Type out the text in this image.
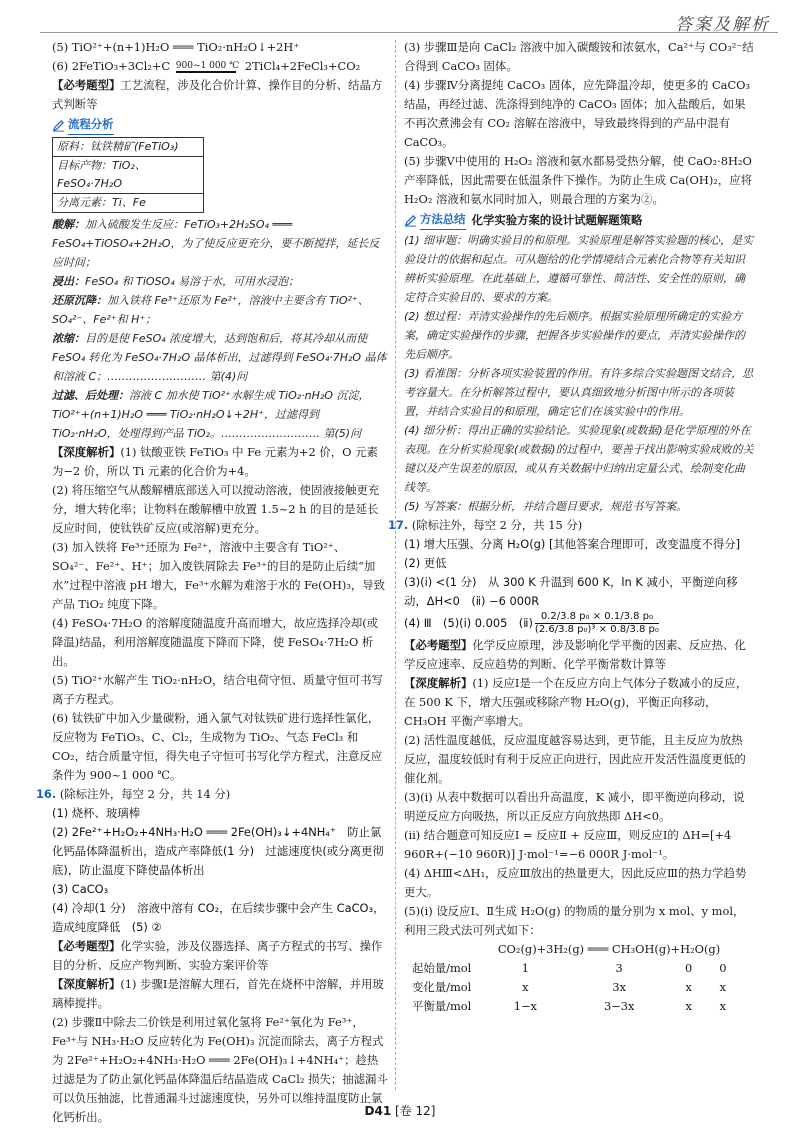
答案及解析

(5) TiO²⁺+(n+1)H₂O ═══ TiO₂·nH₂O↓+2H⁺

(6) 2FeTiO₃+3Cl₂+C 900~1 000 ℃ 2TiCl₄+2FeCl₃+CO₂

【必考题型】工艺流程，涉及化合价计算、操作目的分析、结晶方式判断等

流程分析
原料：钛铁精矿(FeTiO₃)
目标产物：TiO₂、FeSO₄·7H₂O
分离元素：Ti、Fe

酸解：加入硫酸发生反应：FeTiO₃+2H₂SO₄ ═══ FeSO₄+TiOSO₄+2H₂O，为了使反应更充分，要不断搅拌，延长反应时间；

浸出：FeSO₄ 和 TiOSO₄ 易溶于水，可用水浸泡；

还原沉降：加入铁将 Fe³⁺还原为 Fe²⁺，溶液中主要含有 TiO²⁺、SO₄²⁻、Fe²⁺和 H⁺；

浓缩：目的是使 FeSO₄ 浓度增大，达到饱和后，将其冷却从而使 FeSO₄ 转化为 FeSO₄·7H₂O 晶体析出，过滤得到 FeSO₄·7H₂O 晶体和溶液 C；……………………… 第(4)问

过滤、后处理：溶液 C 加水使 TiO²⁺水解生成 TiO₂·nH₂O 沉淀，TiO²⁺+(n+1)H₂O ═══ TiO₂·nH₂O↓+2H⁺，过滤得到 TiO₂·nH₂O，处理得到产品 TiO₂。……………………… 第(5)问

【深度解析】(1) 钛酸亚铁 FeTiO₃ 中 Fe 元素为+2 价，O 元素为−2 价，所以 Ti 元素的化合价为+4。

(2) 将压缩空气从酸解槽底部送入可以搅动溶液，使固液接触更充分，增大转化率；让物料在酸解槽中放置 1.5~2 h 的目的是延长反应时间，使钛铁矿反应(或溶解)更充分。

(3) 加入铁将 Fe³⁺还原为 Fe²⁺，溶液中主要含有 TiO²⁺、SO₄²⁻、Fe²⁺、H⁺；加入废铁屑除去 Fe³⁺的目的是防止后续“加水”过程中溶液 pH 增大，Fe³⁺水解为难溶于水的 Fe(OH)₃，导致产品 TiO₂ 纯度下降。

(4) FeSO₄·7H₂O 的溶解度随温度升高而增大，故应选择冷却(或降温)结晶，利用溶解度随温度下降而下降，使 FeSO₄·7H₂O 析出。

(5) TiO²⁺水解产生 TiO₂·nH₂O，结合电荷守恒、质量守恒可书写离子方程式。

(6) 钛铁矿中加入少量碳粉，通入氯气对钛铁矿进行选择性氯化，反应物为 FeTiO₃、C、Cl₂，生成物为 TiO₂、气态 FeCl₃ 和 CO₂，结合质量守恒，得失电子守恒可书写化学方程式，注意反应条件为 900~1 000 ℃。

16. (除标注外，每空 2 分，共 14 分)

(1) 烧杯、玻璃棒

(2) 2Fe²⁺+H₂O₂+4NH₃·H₂O ═══ 2Fe(OH)₃↓+4NH₄⁺　防止氯化钙晶体降温析出，造成产率降低(1 分)　过滤速度快(或分离更彻底)，防止温度下降使晶体析出

(3) CaCO₃

(4) 冷却(1 分)　溶液中溶有 CO₂，在后续步骤中会产生 CaCO₃，造成纯度降低　(5) ②

【必考题型】化学实验，涉及仪器选择、离子方程式的书写、操作目的分析、反应产物判断、实验方案评价等

【深度解析】(1) 步骤Ⅰ是溶解大理石，首先在烧杯中溶解，并用玻璃棒搅拌。

(2) 步骤Ⅱ中除去二价铁是利用过氧化氢将 Fe²⁺氧化为 Fe³⁺，Fe³⁺与 NH₃·H₂O 反应转化为 Fe(OH)₃ 沉淀而除去，离子方程式为 2Fe²⁺+H₂O₂+4NH₃·H₂O ═══ 2Fe(OH)₃↓+4NH₄⁺；趁热过滤是为了防止氯化钙晶体降温后结晶造成 CaCl₂ 损失；抽滤漏斗可以负压抽滤，比普通漏斗过滤速度快，另外可以维持温度防止氯化钙析出。

(3) 步骤Ⅲ是向 CaCl₂ 溶液中加入碳酸铵和浓氨水，Ca²⁺与 CO₃²⁻结合得到 CaCO₃ 固体。

(4) 步骤Ⅳ分离提纯 CaCO₃ 固体，应先降温冷却，使更多的 CaCO₃ 结晶，再经过滤、洗涤得到纯净的 CaCO₃ 固体；加入盐酸后，如果不再次煮沸会有 CO₂ 溶解在溶液中，导致最终得到的产品中混有 CaCO₃。

(5) 步骤Ⅴ中使用的 H₂O₂ 溶液和氨水都易受热分解，使 CaO₂·8H₂O 产率降低，因此需要在低温条件下操作。为防止生成 Ca(OH)₂，应将 H₂O₂ 溶液和氨水同时加入，则最合理的方案为②。

方法总结 化学实验方案的设计试题解题策略

(1) 细审题：明确实验目的和原理。实验原理是解答实验题的核心，是实验设计的依据和起点。可从题给的化学情境结合元素化合物等有关知识辨析实验原理。在此基础上，遵循可靠性、简洁性、安全性的原则，确定符合实验目的、要求的方案。

(2) 想过程：弄清实验操作的先后顺序。根据实验原理所确定的实验方案，确定实验操作的步骤，把握各步实验操作的要点，弄清实验操作的先后顺序。

(3) 看准图：分析各项实验装置的作用。有许多综合实验题图文结合，思考容量大。在分析解答过程中，要认真细致地分析图中所示的各项装置，并结合实验目的和原理，确定它们在该实验中的作用。

(4) 细分析：得出正确的实验结论。实验现象(或数据)是化学原理的外在表现。在分析实验现象(或数据)的过程中，要善于找出影响实验成败的关键以及产生误差的原因，或从有关数据中归纳出定量公式、绘制变化曲线等。

(5) 写答案：根据分析，并结合题目要求，规范书写答案。

17. (除标注外，每空 2 分，共 15 分)

(1) 增大压强、分离 H₂O(g) [其他答案合理即可，改变温度不得分]　(2) 更低

(3)(ⅰ) <(1 分)　从 300 K 升温到 600 K，ln K 减小，平衡逆向移动，ΔH<0　(ⅱ) −6 000R

(4) Ⅲ　(5)(ⅰ) 0.005　(ⅱ) $\frac{\text{0.2/3.8 p₀ × 0.1/3.8 p₀}}{\text{(2.6/3.8 p₀)³ × 0.8/3.8 p₀}}$

【必考题型】化学反应原理，涉及影响化学平衡的因素、反应热、化学反应速率、反应趋势的判断、化学平衡常数计算等

【深度解析】(1) 反应Ⅰ是一个在反应方向上气体分子数减小的反应，在 500 K 下，增大压强或移除产物 H₂O(g)，平衡正向移动，CH₃OH 平衡产率增大。

(2) 活性温度越低，反应温度越容易达到，更节能，且主反应为放热反应，温度较低时有利于反应正向进行，因此应开发活性温度更低的催化剂。

(3)(ⅰ) 从表中数据可以看出升高温度，K 减小，即平衡逆向移动，说明逆反应方向吸热，所以正反应方向放热即 ΔH<0。

(ⅱ) 结合题意可知反应Ⅰ = 反应Ⅱ + 反应Ⅲ，则反应Ⅰ的 ΔH=[+4 960R+(−10 960R)] J·mol⁻¹=−6 000R J·mol⁻¹。

(4) ΔHⅢ<ΔH₁，反应Ⅲ放出的热量更大，因此反应Ⅲ的热力学趋势更大。

(5)(ⅰ) 设反应Ⅰ、Ⅱ生成 H₂O(g) 的物质的量分别为 x mol、y mol，利用三段式法可列式如下：

CO₂(g)+3H₂(g) ═══ CH₃OH(g)+H₂O(g)

起始量/mol	1	3	0	0
变化量/mol	x	3x	x	x
平衡量/mol	1−x	3−3x	x	x
D41 [卷 12]
